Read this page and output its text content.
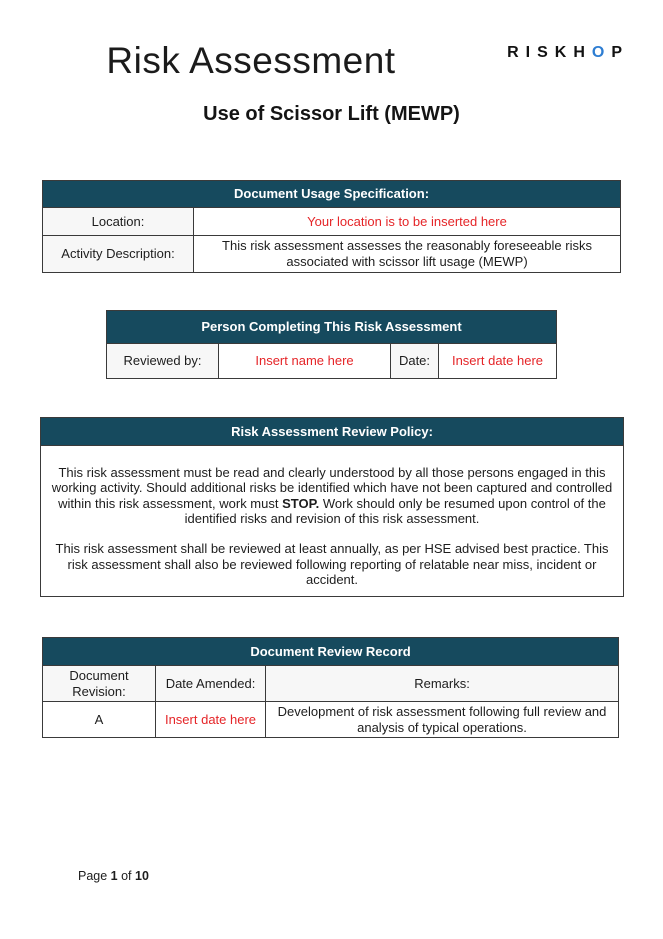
Risk Assessment	RISKHOP
Use of Scissor Lift (MEWP)
Document Usage Specification:	
Location:	Your location is to be inserted here
Activity Description:	This risk assessment assesses the reasonably foreseeable risks associated with scissor lift usage (MEWP)
Person Completing This Risk Assessment
Reviewed by:	Insert name here	Date:	Insert date here
Risk Assessment Review Policy:

This risk assessment must be read and clearly understood by all those persons engaged in this working activity. Should additional risks be identified which have not been captured and controlled within this risk assessment, work must STOP. Work should only be resumed upon control of the identified risks and revision of this risk assessment.

This risk assessment shall be reviewed at least annually, as per HSE advised best practice. This risk assessment shall also be reviewed following reporting of relatable near miss, incident or accident.

Document Review Record		
Document Revision:	Date Amended:	Remarks:
A	Insert date here	Development of risk assessment following full review and analysis of typical operations.
Page 1 of 10
